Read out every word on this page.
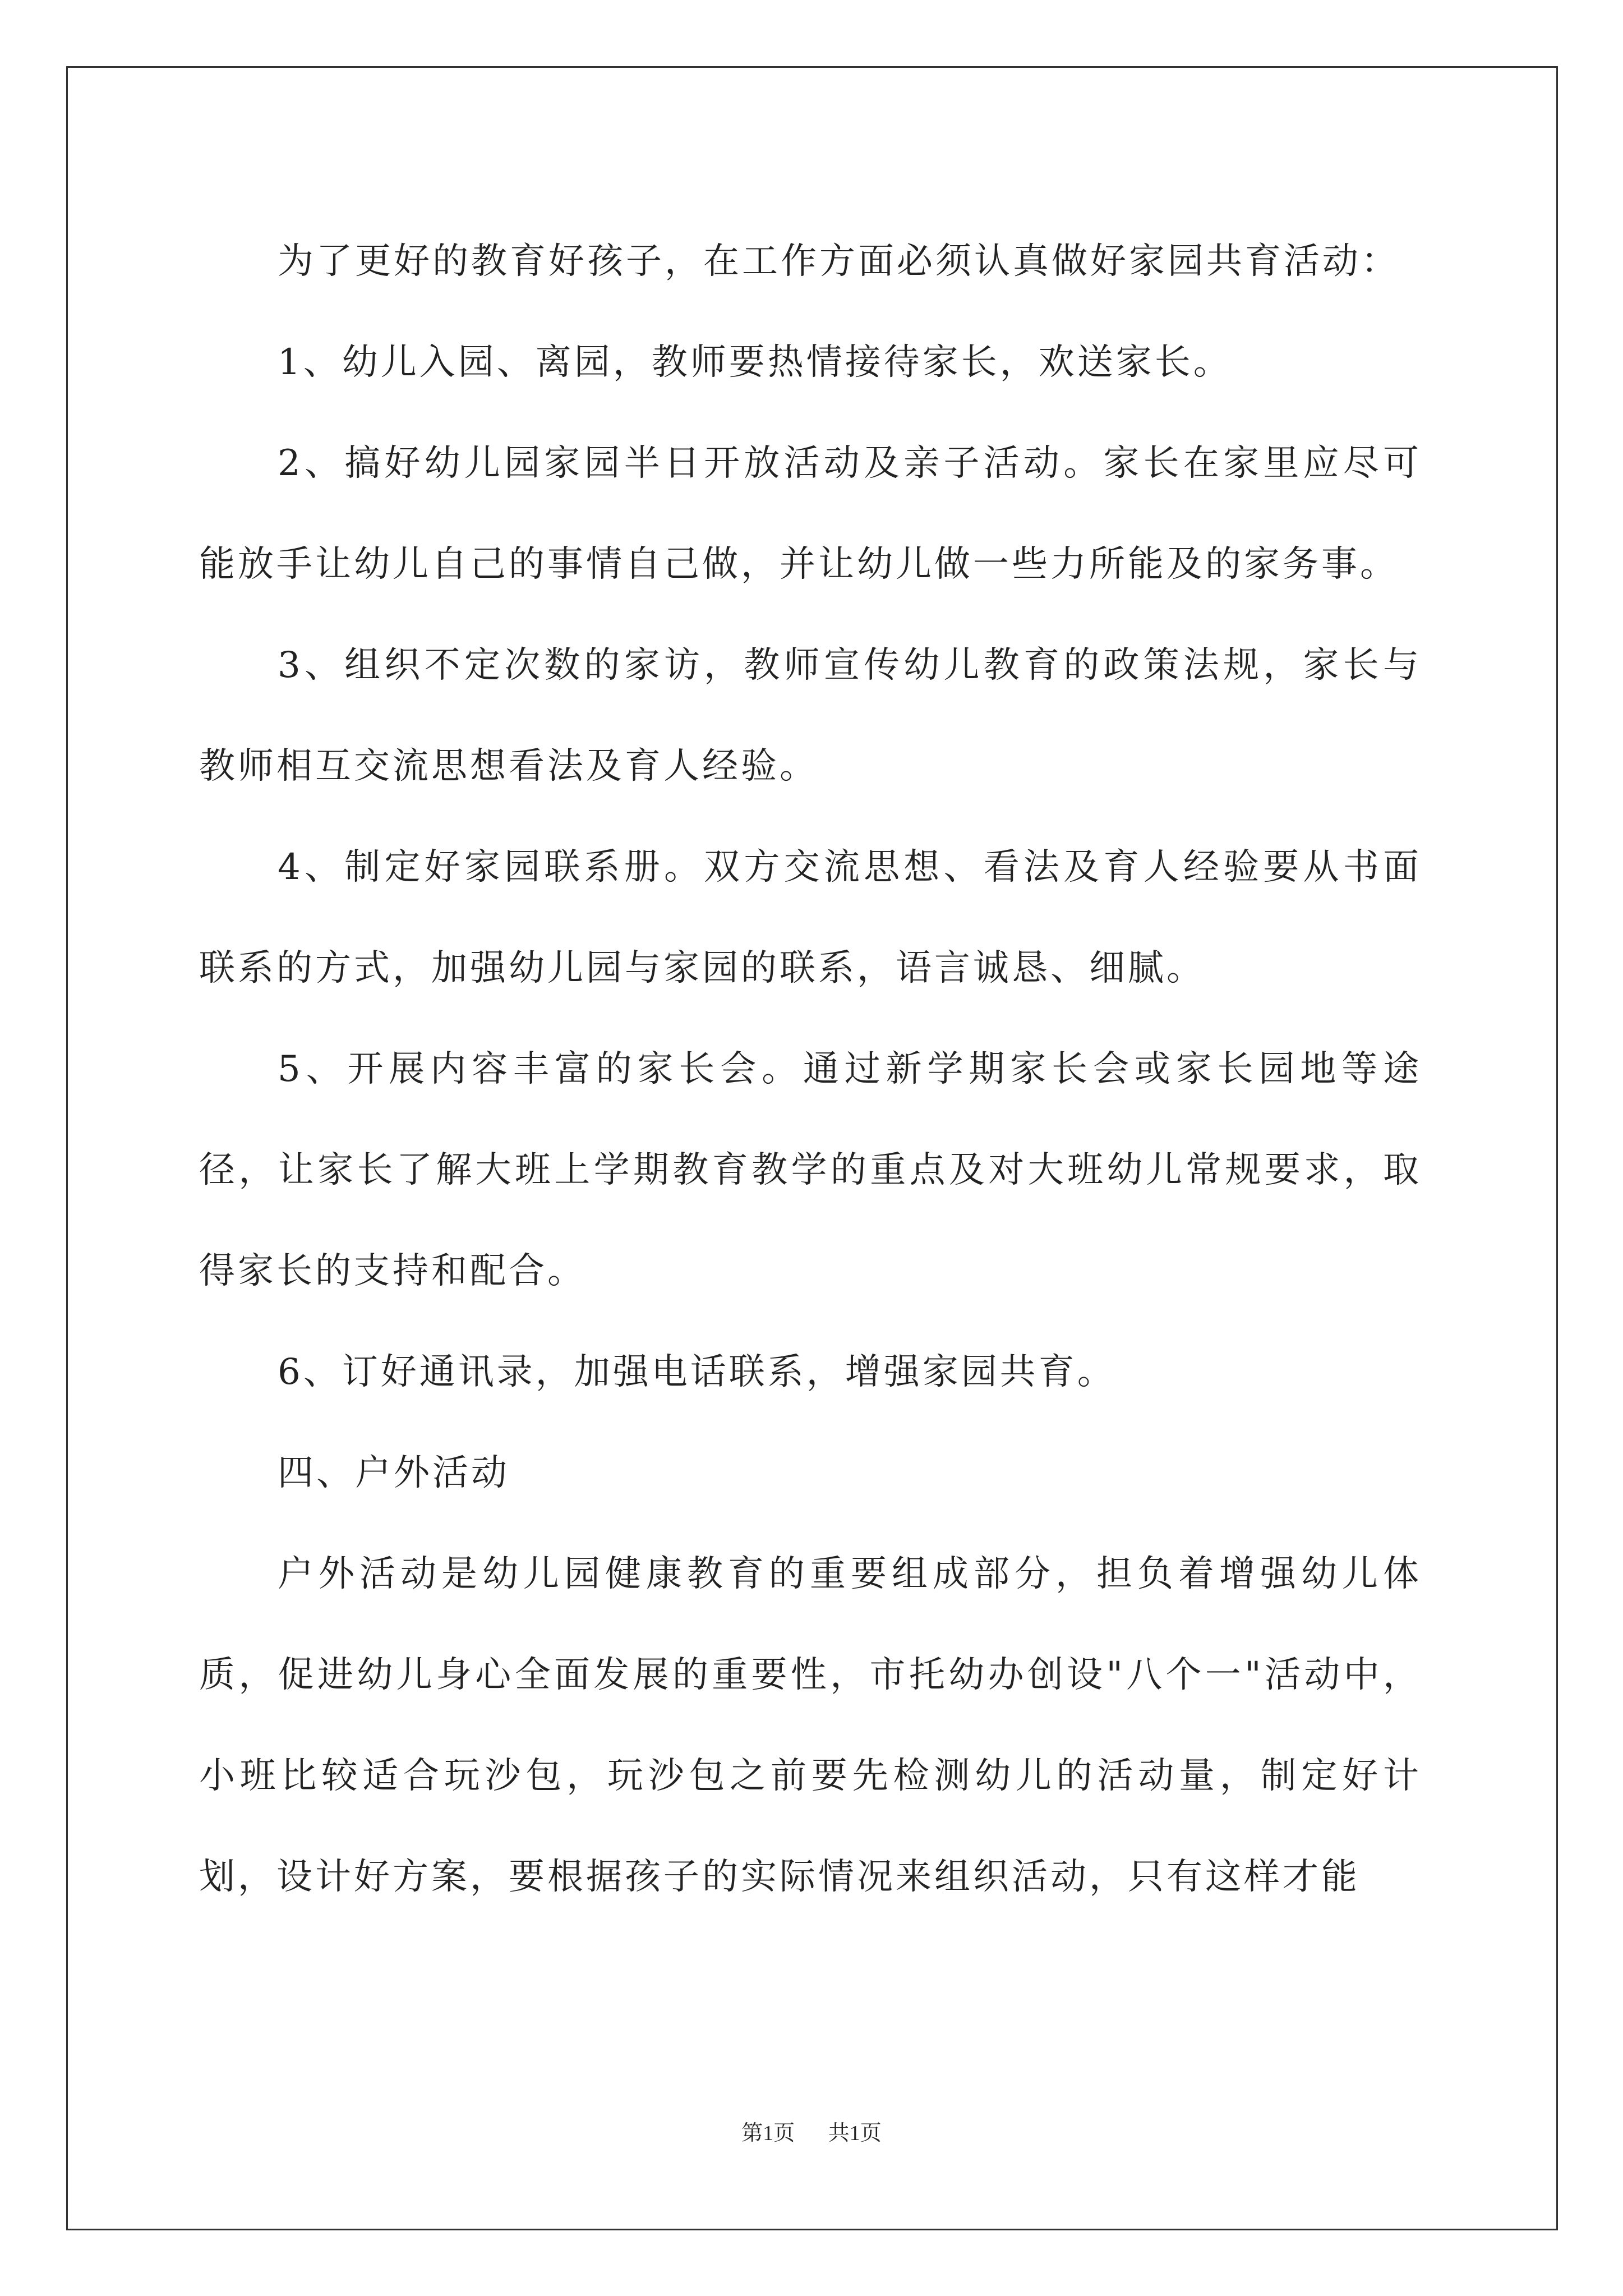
为了更好的教育好孩子，在工作方面必须认真做好家园共育活动：

1、幼儿入园、离园，教师要热情接待家长，欢送家长。

2、搞好幼儿园家园半日开放活动及亲子活动。家长在家里应尽可能放手让幼儿自己的事情自己做，并让幼儿做一些力所能及的家务事。

3、组织不定次数的家访，教师宣传幼儿教育的政策法规，家长与教师相互交流思想看法及育人经验。

4、制定好家园联系册。双方交流思想、看法及育人经验要从书面联系的方式，加强幼儿园与家园的联系，语言诚恳、细腻。

5、开展内容丰富的家长会。通过新学期家长会或家长园地等途径，让家长了解大班上学期教育教学的重点及对大班幼儿常规要求，取得家长的支持和配合。

6、订好通讯录，加强电话联系，增强家园共育。

四、户外活动

户外活动是幼儿园健康教育的重要组成部分，担负着增强幼儿体质，促进幼儿身心全面发展的重要性，市托幼办创设"八个一"活动中，小班比较适合玩沙包，玩沙包之前要先检测幼儿的活动量，制定好计划，设计好方案，要根据孩子的实际情况来组织活动，只有这样才能

第1页 共1页
